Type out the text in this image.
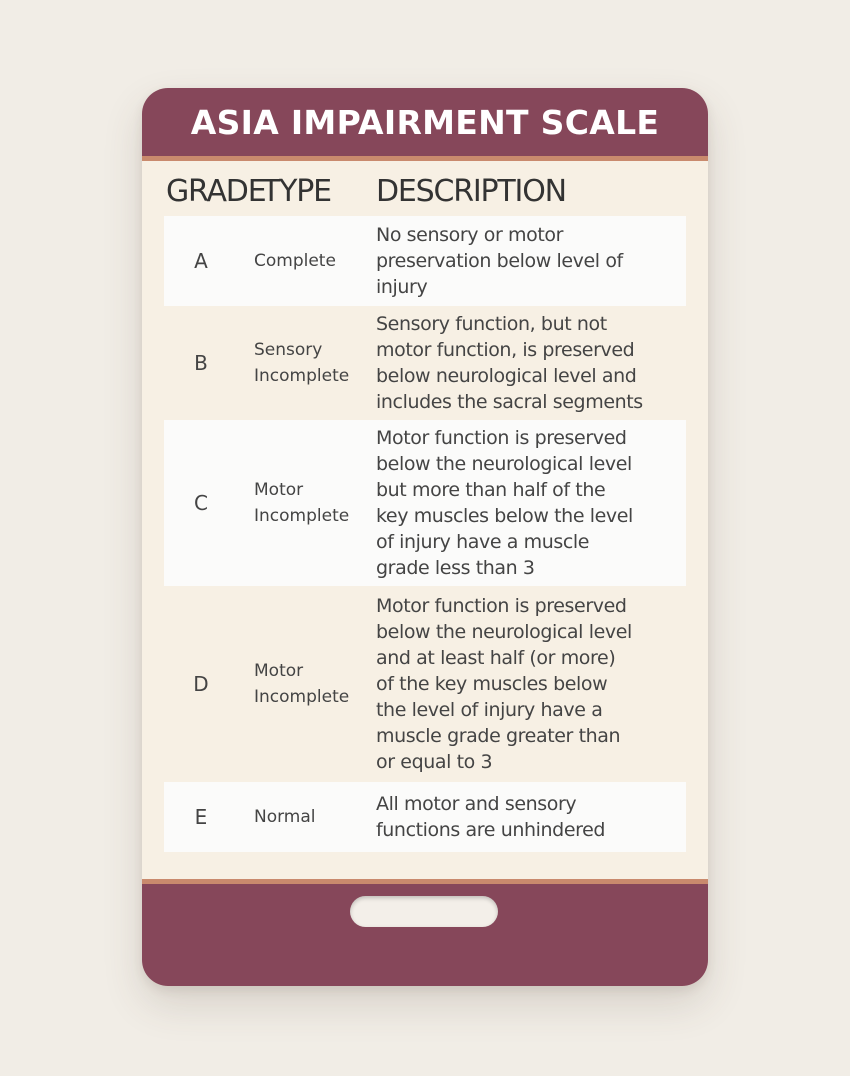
ASIA IMPAIRMENT SCALE
GRADE
TYPE DESCRIPTION
A	Complete
No sensory or motor
preservation below level of
injury
B
Sensory
Incomplete
Sensory function, but not
motor function, is preserved
below neurological level and
includes the sacral segments
C
Motor
Incomplete
Motor function is preserved
below the neurological level
but more than half of the
key muscles below the level
of injury have a muscle
grade less than 3
D
Motor
Incomplete
Motor function is preserved
below the neurological level
and at least half (or more)
of the key muscles below
the level of injury have a
muscle grade greater than
or equal to 3
E	Normal
All motor and sensory
functions are unhindered
